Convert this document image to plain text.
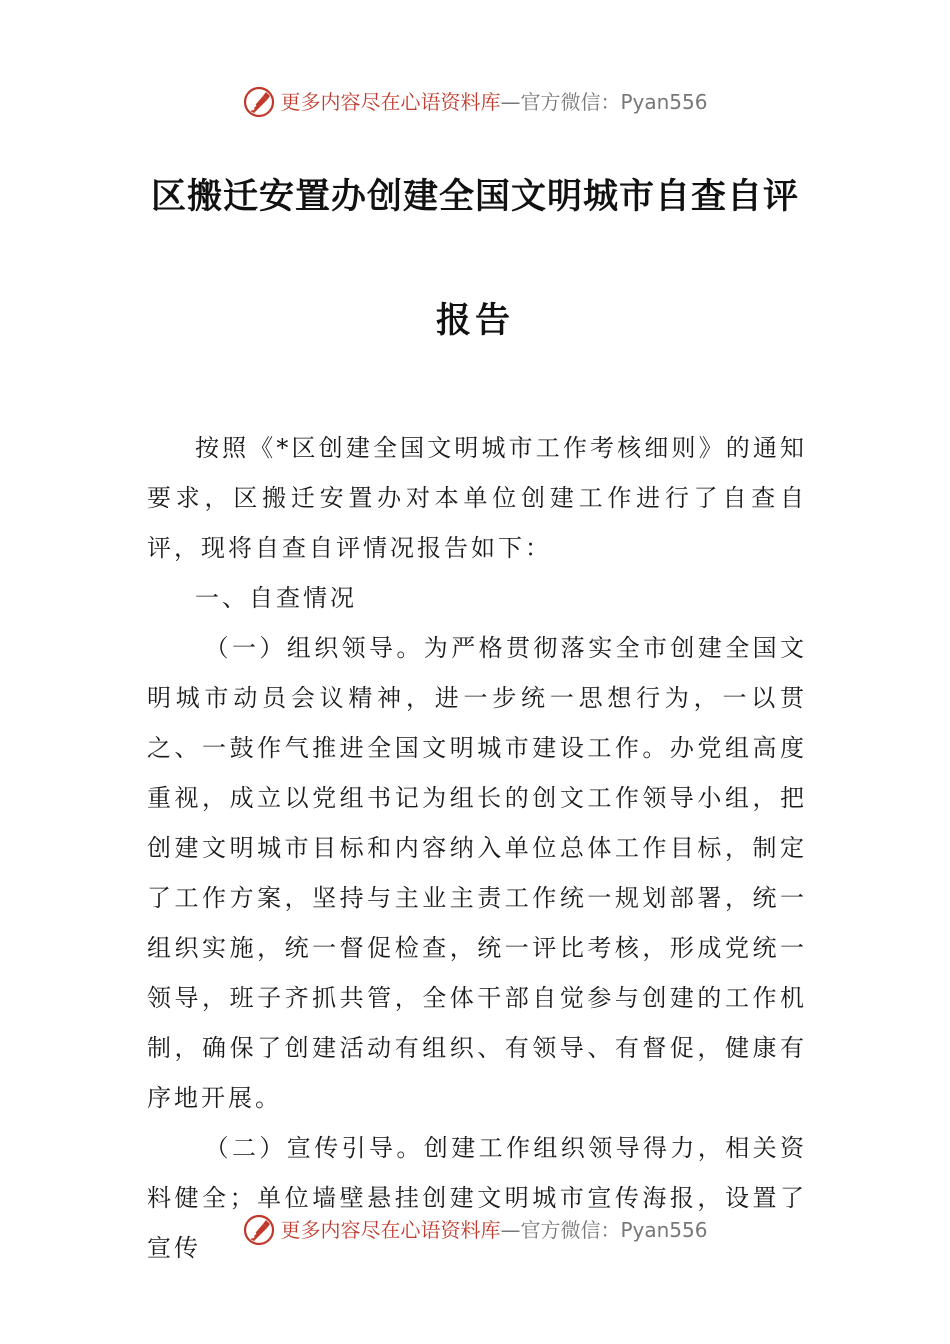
更多内容尽在心语资料库—官方微信：Pyan556
区搬迁安置办创建全国文明城市自查自评
报告

按照《*区创建全国文明城市工作考核细则》的通知要求，区搬迁安置办对本单位创建工作进行了自查自评，现将自查自评情况报告如下：

一、自查情况

（一）组织领导。为严格贯彻落实全市创建全国文明城市动员会议精神，进一步统一思想行为，一以贯之、一鼓作气推进全国文明城市建设工作。办党组高度重视，成立以党组书记为组长的创文工作领导小组，把创建文明城市目标和内容纳入单位总体工作目标，制定了工作方案，坚持与主业主责工作统一规划部署，统一组织实施，统一督促检查，统一评比考核，形成党统一领导，班子齐抓共管，全体干部自觉参与创建的工作机制，确保了创建活动有组织、有领导、有督促，健康有序地开展。

（二）宣传引导。创建工作组织领导得力，相关资料健全；单位墙壁悬挂创建文明城市宣传海报，设置了宣传

更多内容尽在心语资料库—官方微信：Pyan556
